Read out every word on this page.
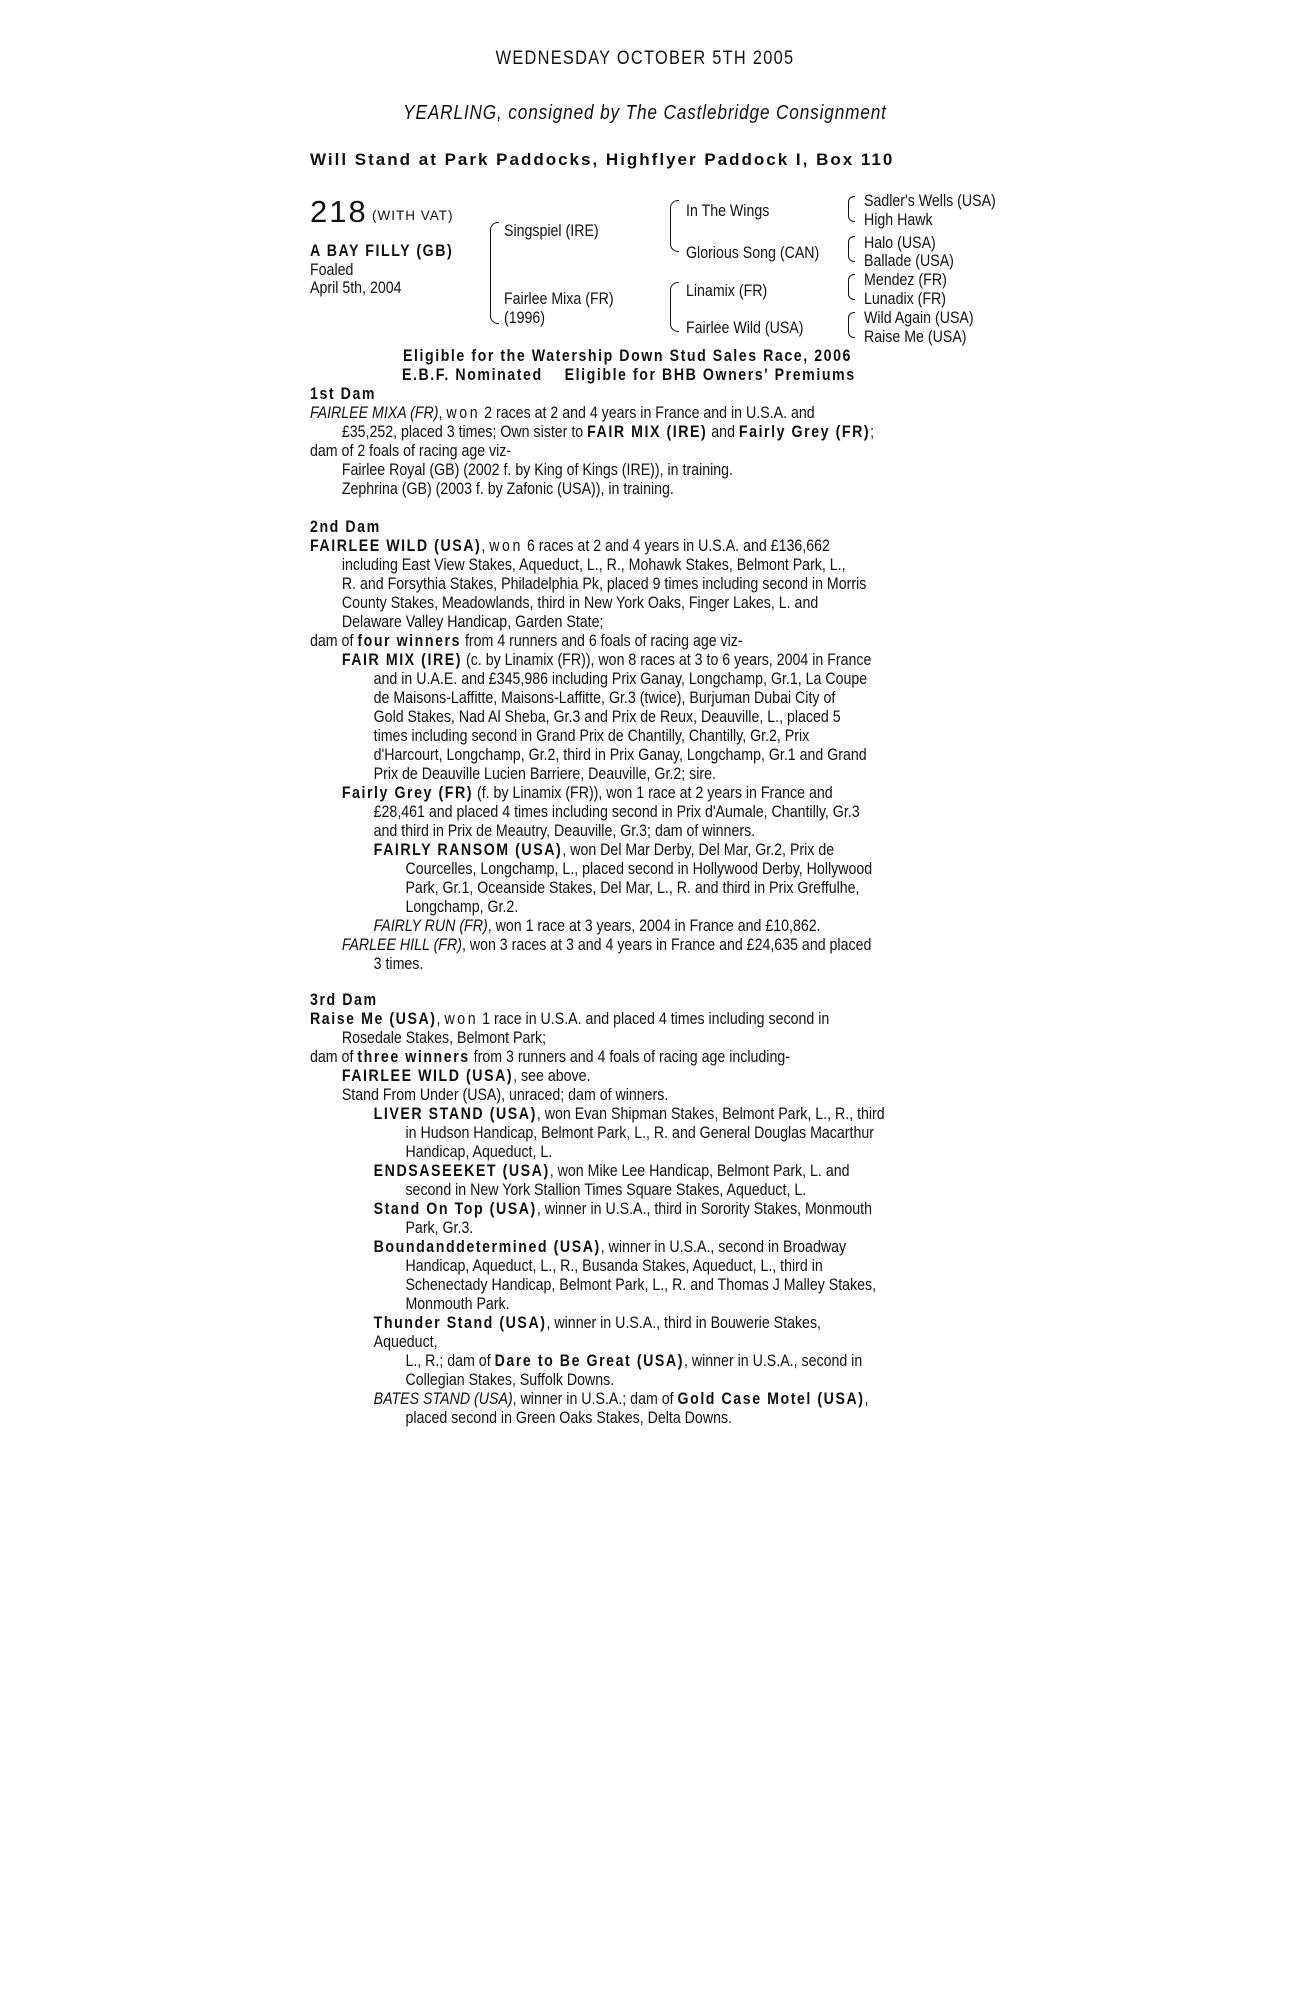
WEDNESDAY OCTOBER 5TH 2005
YEARLING, consigned by The Castlebridge Consignment
Will Stand at Park Paddocks, Highflyer Paddock I, Box 110
218 (WITH VAT)
A BAY FILLY (GB)
Foaled
April 5th, 2004
Singspiel (IRE)
Fairlee Mixa (FR)
(1996)
In The Wings
Glorious Song (CAN)
Linamix (FR)
Fairlee Wild (USA)
Sadler's Wells (USA)
High Hawk
Halo (USA)
Ballade (USA)
Mendez (FR)
Lunadix (FR)
Wild Again (USA)
Raise Me (USA)
Eligible for the Watership Down Stud Sales Race, 2006
E.B.F. Nominated Eligible for BHB Owners' Premiums

1st Dam

FAIRLEE MIXA (FR), won 2 races at 2 and 4 years in France and in U.S.A. and

£35,252, placed 3 times; Own sister to FAIR MIX (IRE) and Fairly Grey (FR);

dam of 2 foals of racing age viz-

Fairlee Royal (GB) (2002 f. by King of Kings (IRE)), in training.

Zephrina (GB) (2003 f. by Zafonic (USA)), in training.

2nd Dam

FAIRLEE WILD (USA), won 6 races at 2 and 4 years in U.S.A. and £136,662

including East View Stakes, Aqueduct, L., R., Mohawk Stakes, Belmont Park, L.,

R. and Forsythia Stakes, Philadelphia Pk, placed 9 times including second in Morris

County Stakes, Meadowlands, third in New York Oaks, Finger Lakes, L. and

Delaware Valley Handicap, Garden State;

dam of four winners from 4 runners and 6 foals of racing age viz-

FAIR MIX (IRE) (c. by Linamix (FR)), won 8 races at 3 to 6 years, 2004 in France

and in U.A.E. and £345,986 including Prix Ganay, Longchamp, Gr.1, La Coupe

de Maisons-Laffitte, Maisons-Laffitte, Gr.3 (twice), Burjuman Dubai City of

Gold Stakes, Nad Al Sheba, Gr.3 and Prix de Reux, Deauville, L., placed 5

times including second in Grand Prix de Chantilly, Chantilly, Gr.2, Prix

d'Harcourt, Longchamp, Gr.2, third in Prix Ganay, Longchamp, Gr.1 and Grand

Prix de Deauville Lucien Barriere, Deauville, Gr.2; sire.

Fairly Grey (FR) (f. by Linamix (FR)), won 1 race at 2 years in France and

£28,461 and placed 4 times including second in Prix d'Aumale, Chantilly, Gr.3

and third in Prix de Meautry, Deauville, Gr.3; dam of winners.

FAIRLY RANSOM (USA), won Del Mar Derby, Del Mar, Gr.2, Prix de

Courcelles, Longchamp, L., placed second in Hollywood Derby, Hollywood

Park, Gr.1, Oceanside Stakes, Del Mar, L., R. and third in Prix Greffulhe,

Longchamp, Gr.2.

FAIRLY RUN (FR), won 1 race at 3 years, 2004 in France and £10,862.

FARLEE HILL (FR), won 3 races at 3 and 4 years in France and £24,635 and placed

3 times.

3rd Dam

Raise Me (USA), won 1 race in U.S.A. and placed 4 times including second in

Rosedale Stakes, Belmont Park;

dam of three winners from 3 runners and 4 foals of racing age including-

FAIRLEE WILD (USA), see above.

Stand From Under (USA), unraced; dam of winners.

LIVER STAND (USA), won Evan Shipman Stakes, Belmont Park, L., R., third

in Hudson Handicap, Belmont Park, L., R. and General Douglas Macarthur

Handicap, Aqueduct, L.

ENDSASEEKET (USA), won Mike Lee Handicap, Belmont Park, L. and

second in New York Stallion Times Square Stakes, Aqueduct, L.

Stand On Top (USA), winner in U.S.A., third in Sorority Stakes, Monmouth

Park, Gr.3.

Boundanddetermined (USA), winner in U.S.A., second in Broadway

Handicap, Aqueduct, L., R., Busanda Stakes, Aqueduct, L., third in

Schenectady Handicap, Belmont Park, L., R. and Thomas J Malley Stakes,

Monmouth Park.

Thunder Stand (USA), winner in U.S.A., third in Bouwerie Stakes, Aqueduct,

L., R.; dam of Dare to Be Great (USA), winner in U.S.A., second in

Collegian Stakes, Suffolk Downs.

BATES STAND (USA), winner in U.S.A.; dam of Gold Case Motel (USA),

placed second in Green Oaks Stakes, Delta Downs.
